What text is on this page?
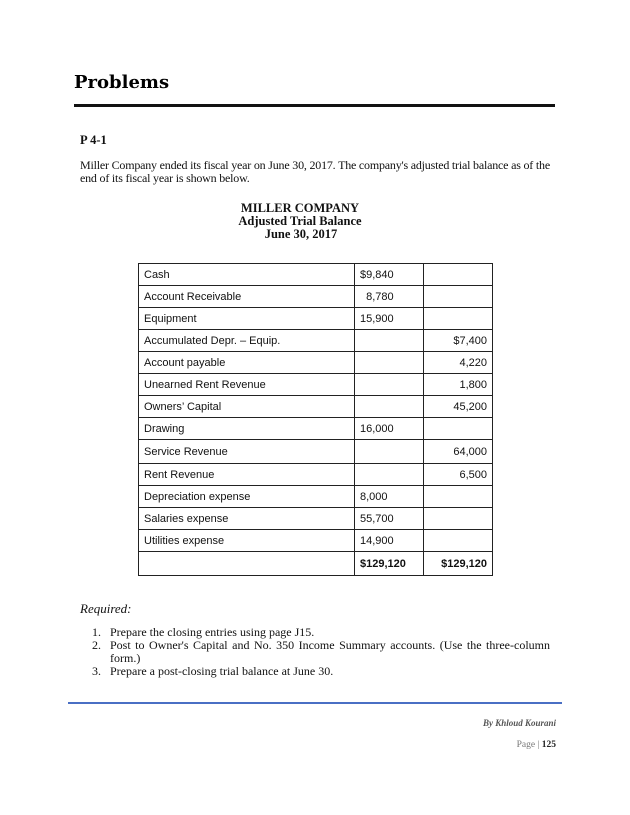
Problems
P 4-1
Miller Company ended its fiscal year on June 30, 2017. The company's adjusted trial balance as of the end of its fiscal year is shown below.
MILLER COMPANY
Adjusted Trial Balance
June 30, 2017
Cash	$9,840	
Account Receivable	8,780	
Equipment	15,900	
Accumulated Depr. – Equip.		$7,400
Account payable		4,220
Unearned Rent Revenue		1,800
Owners’ Capital		45,200
Drawing	16,000	
Service Revenue		64,000
Rent Revenue		6,500
Depreciation expense	8,000	
Salaries expense	55,700	
Utilities expense	14,900	
	$129,120	$129,120
Required:
1. Prepare the closing entries using page J15.
2. Post to Owner's Capital and No. 350 Income Summary accounts. (Use the three-column form.)
3. Prepare a post-closing trial balance at June 30.
By Khloud Kourani
Page | 125
